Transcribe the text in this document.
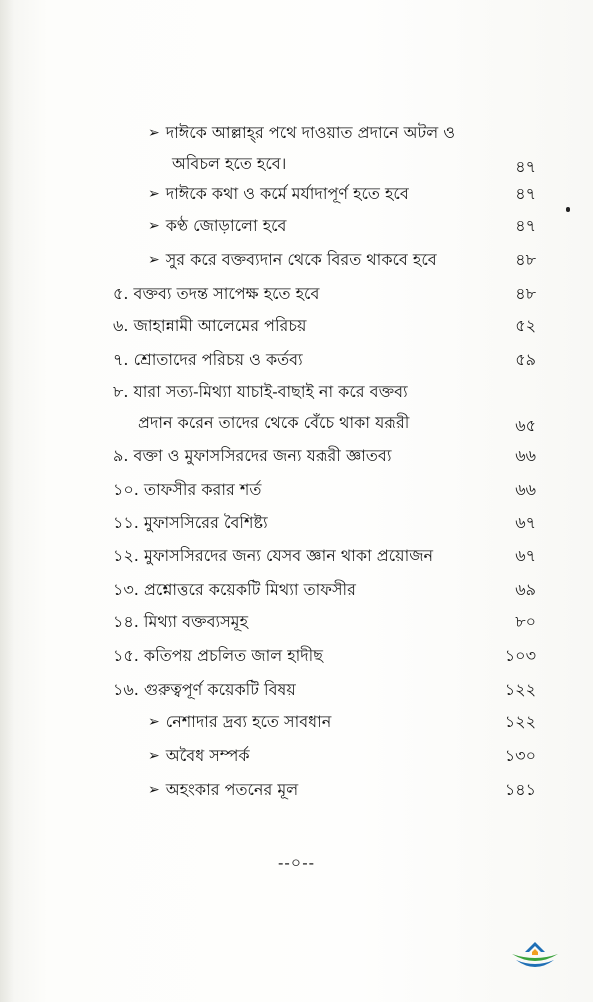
➢ দাঈকে আল্লাহ্‌র পথে দাওয়াত প্রদানে অটল ও
অবিচল হতে হবে।	৪৭
➢ দাঈকে কথা ও কর্মে মর্যাদাপূর্ণ হতে হবে	৪৭
➢ কণ্ঠ জোড়ালো হবে	৪৭
➢ সুর করে বক্তব্যদান থেকে বিরত থাকবে হবে	৪৮
৫. বক্তব্য তদন্ত সাপেক্ষ হতে হবে	৪৮
৬. জাহান্নামী আলেমের পরিচয়	৫২
৭. শ্রোতাদের পরিচয় ও কর্তব্য	৫৯
৮. যারা সত্য-মিথ্যা যাচাই-বাছাই না করে বক্তব্য
প্রদান করেন তাদের থেকে বেঁচে থাকা যরূরী	৬৫
৯. বক্তা ও মুফাসসিরদের জন্য যরূরী জ্ঞাতব্য	৬৬
১০. তাফসীর করার শর্ত	৬৬
১১. মুফাসসিরের বৈশিষ্ট্য	৬৭
১২. মুফাসসিরদের জন্য যেসব জ্ঞান থাকা প্রয়োজন	৬৭
১৩. প্রশ্নোত্তরে কয়েকটি মিথ্যা তাফসীর	৬৯
১৪. মিথ্যা বক্তব্যসমূহ	৮০
১৫. কতিপয় প্রচলিত জাল হাদীছ	১০৩
১৬. গুরুত্বপূর্ণ কয়েকটি বিষয়	১২২
➢ নেশাদার দ্রব্য হতে সাবধান	১২২
➢ অবৈধ সম্পর্ক	১৩০
➢ অহংকার পতনের মূল	১৪১
--০--
